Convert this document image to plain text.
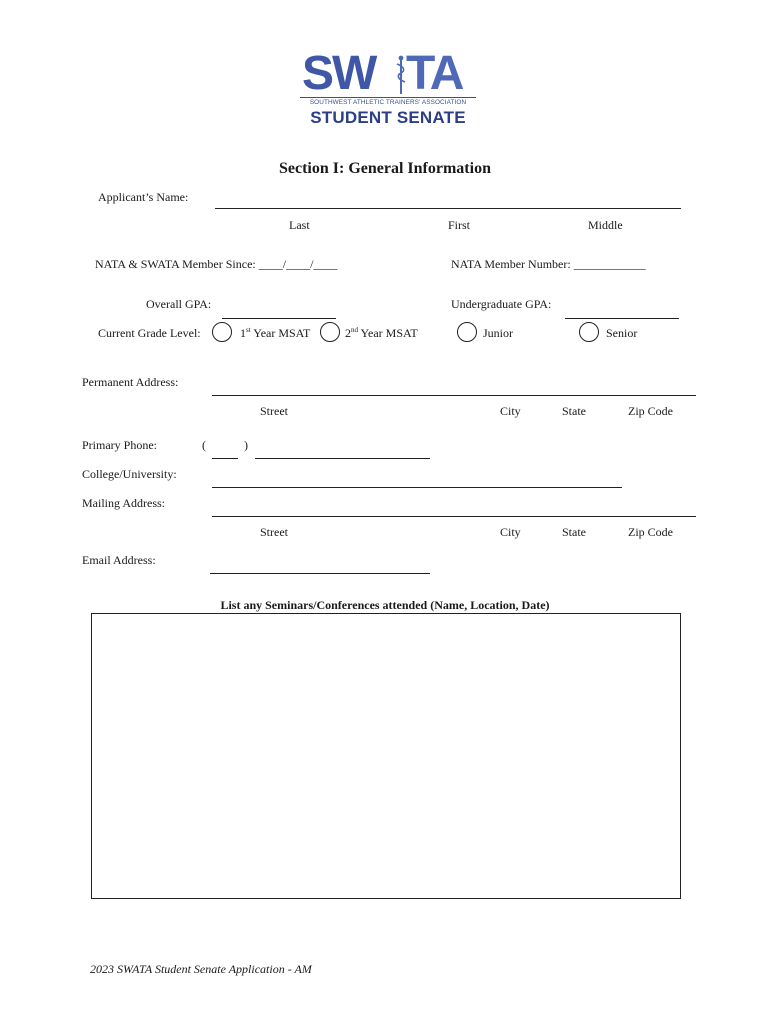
SW TA
SOUTHWEST ATHLETIC TRAINERS' ASSOCIATION
STUDENT SENATE
Section I: General Information
Applicant’s Name:
Last	First	Middle
NATA & SWATA Member Since: ____/____/____	NATA Member Number: ____________
Overall GPA:	Undergraduate GPA:
Current Grade Level:	1st Year MSAT	2nd Year MSAT	Junior	Senior
Permanent Address:
Street	City	State	Zip Code
Primary Phone:	(	)
College/University:
Mailing Address:
Street	City	State	Zip Code
Email Address:
List any Seminars/Conferences attended (Name, Location, Date)
2023 SWATA Student Senate Application - AM
